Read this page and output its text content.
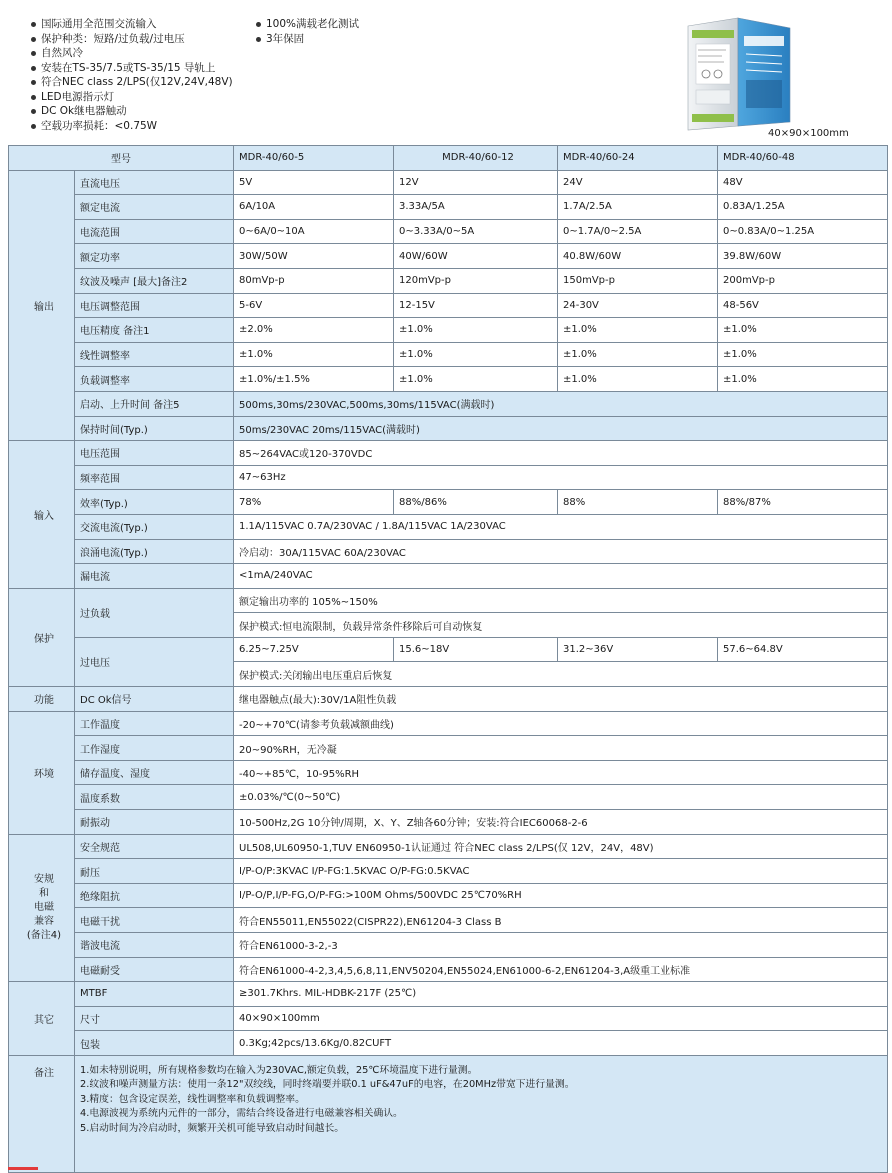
国际通用全范围交流输入
保护种类：短路/过负载/过电压
自然风冷
安装在TS-35/7.5或TS-35/15 导轨上
符合NEC class 2/LPS(仅12V,24V,48V)
LED电源指示灯
DC Ok继电器触动
空载功率损耗：<0.75W
100%满载老化测试
3年保固
40×90×100mm
型号		MDR-40/60-5	MDR-40/60-12	MDR-40/60-24	MDR-40/60-48
输出	直流电压	5V	12V	24V	48V
	额定电流	6A/10A	3.33A/5A	1.7A/2.5A	0.83A/1.25A
	电流范围	0~6A/0~10A	0~3.33A/0~5A	0~1.7A/0~2.5A	0~0.83A/0~1.25A
	额定功率	30W/50W	40W/60W	40.8W/60W	39.8W/60W
	纹波及噪声 [最大]备注2	80mVp-p	120mVp-p	150mVp-p	200mVp-p
	电压调整范围	5-6V	12-15V	24-30V	48-56V
	电压精度 备注1	±2.0%	±1.0%	±1.0%	±1.0%
	线性调整率	±1.0%	±1.0%	±1.0%	±1.0%
	负载调整率	±1.0%/±1.5%	±1.0%	±1.0%	±1.0%
	启动、上升时间 备注5	500ms,30ms/230VAC,500ms,30ms/115VAC(满载时)			
	保持时间(Typ.)	50ms/230VAC 20ms/115VAC(满载时)			
输入	电压范围	85~264VAC或120-370VDC			
	频率范围	47~63Hz			
	效率(Typ.)	78%	88%/86%	88%	88%/87%
	交流电流(Typ.)	1.1A/115VAC 0.7A/230VAC / 1.8A/115VAC 1A/230VAC			
	浪涌电流(Typ.)	冷启动：30A/115VAC 60A/230VAC			
	漏电流	<1mA/240VAC			
保护	过负载	额定输出功率的 105%~150%			
		保护模式:恒电流限制，负载异常条件移除后可自动恢复			
	过电压	6.25~7.25V	15.6~18V	31.2~36V	57.6~64.8V
		保护模式:关闭输出电压重启后恢复			
功能	DC Ok信号	继电器触点(最大):30V/1A阻性负载			
环境	工作温度	-20~+70℃(请参考负载减额曲线)			
	工作湿度	20~90%RH，无冷凝			
	储存温度、湿度	-40~+85℃，10-95%RH			
	温度系数	±0.03%/℃(0~50℃)			
	耐振动	10-500Hz,2G 10分钟/周期，X、Y、Z轴各60分钟；安装:符合IEC60068-2-6			

安规
和
电磁
兼容
(备注4)	安全规范	UL508,UL60950-1,TUV EN60950-1认证通过 符合NEC class 2/LPS(仅 12V，24V，48V)			
	耐压	I/P-O/P:3KVAC I/P-FG:1.5KVAC O/P-FG:0.5KVAC			
	绝缘阻抗	I/P-O/P,I/P-FG,O/P-FG:>100M Ohms/500VDC 25℃70%RH			
	电磁干扰	符合EN55011,EN55022(CISPR22),EN61204-3 Class B			
	谐波电流	符合EN61000-3-2,-3			
	电磁耐受	符合EN61000-4-2,3,4,5,6,8,11,ENV50204,EN55024,EN61000-6-2,EN61204-3,A级重工业标准			
其它	MTBF	≥301.7Khrs. MIL-HDBK-217F (25℃)			
	尺寸	40×90×100mm			
	包装	0.3Kg;42pcs/13.6Kg/0.82CUFT			
备注	1.如未特别说明，所有规格参数均在输入为230VAC,额定负载，25℃环境温度下进行量测。
2.纹波和噪声测量方法：使用一条12"双绞线，同时终端要并联0.1 uF&47uF的电容，在20MHz带宽下进行量测。
3.精度：包含设定误差，线性调整率和负载调整率。
4.电源波视为系统内元件的一部分，需结合终设备进行电磁兼容相关确认。
5.启动时间为冷启动时，频繁开关机可能导致启动时间越长。				
